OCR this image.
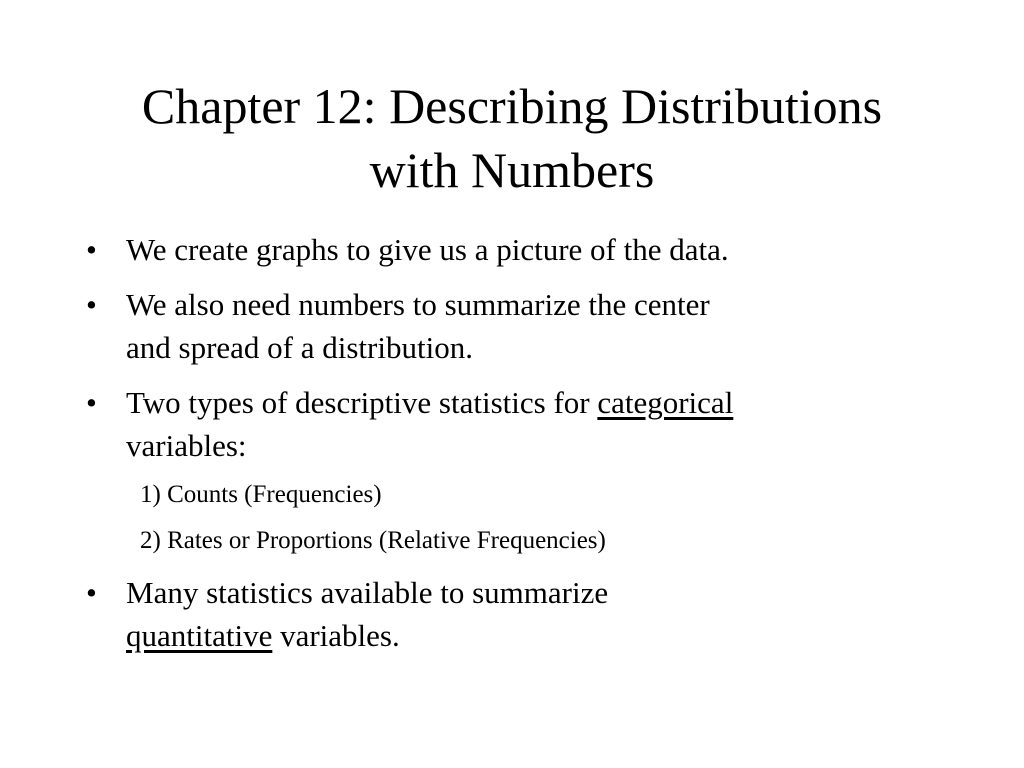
Chapter 12: Describing Distributions
with Numbers
• We create graphs to give us a picture of the data.
• We also need numbers to summarize the center
and spread of a distribution.
• Two types of descriptive statistics for categorical
variables:
1) Counts (Frequencies)
2) Rates or Proportions (Relative Frequencies)
• Many statistics available to summarize
quantitative variables.
